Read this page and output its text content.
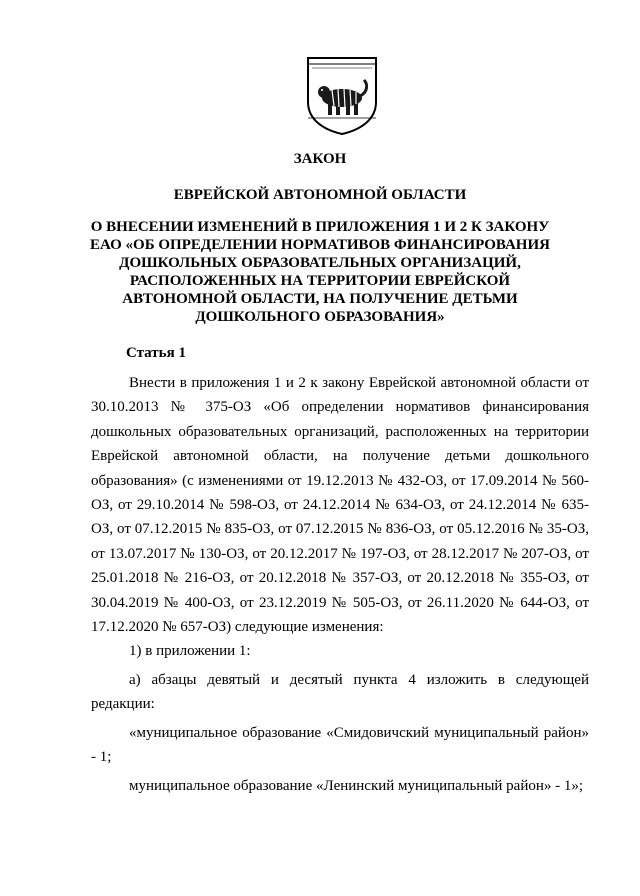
ЗАКОН

ЕВРЕЙСКОЙ АВТОНОМНОЙ ОБЛАСТИ

О ВНЕСЕНИИ ИЗМЕНЕНИЙ В ПРИЛОЖЕНИЯ 1 И 2 К ЗАКОНУ ЕАО «ОБ ОПРЕДЕЛЕНИИ НОРМАТИВОВ ФИНАНСИРОВАНИЯ ДОШКОЛЬНЫХ ОБРАЗОВАТЕЛЬНЫХ ОРГАНИЗАЦИЙ, РАСПОЛОЖЕННЫХ НА ТЕРРИТОРИИ ЕВРЕЙСКОЙ АВТОНОМНОЙ ОБЛАСТИ, НА ПОЛУЧЕНИЕ ДЕТЬМИ ДОШКОЛЬНОГО ОБРАЗОВАНИЯ»

Статья 1

Внести в приложения 1 и 2 к закону Еврейской автономной области от 30.10.2013 № 375-ОЗ «Об определении нормативов финансирования дошкольных образовательных организаций, расположенных на территории Еврейской автономной области, на получение детьми дошкольного образования» (с изменениями от 19.12.2013 № 432-ОЗ, от 17.09.2014 № 560-ОЗ, от 29.10.2014 № 598-ОЗ, от 24.12.2014 № 634-ОЗ, от 24.12.2014 № 635-ОЗ, от 07.12.2015 № 835-ОЗ, от 07.12.2015 № 836-ОЗ, от 05.12.2016 № 35-ОЗ, от 13.07.2017 № 130-ОЗ, от 20.12.2017 № 197-ОЗ, от 28.12.2017 № 207-ОЗ, от 25.01.2018 № 216-ОЗ, от 20.12.2018 № 357-ОЗ, от 20.12.2018 № 355-ОЗ, от 30.04.2019 № 400-ОЗ, от 23.12.2019 № 505-ОЗ, от 26.11.2020 № 644-ОЗ, от 17.12.2020 № 657-ОЗ) следующие изменения:

1) в приложении 1:

а) абзацы девятый и десятый пункта 4 изложить в следующей редакции:

«муниципальное образование «Смидовичский муниципальный район» - 1;

муниципальное образование «Ленинский муниципальный район» - 1»;
